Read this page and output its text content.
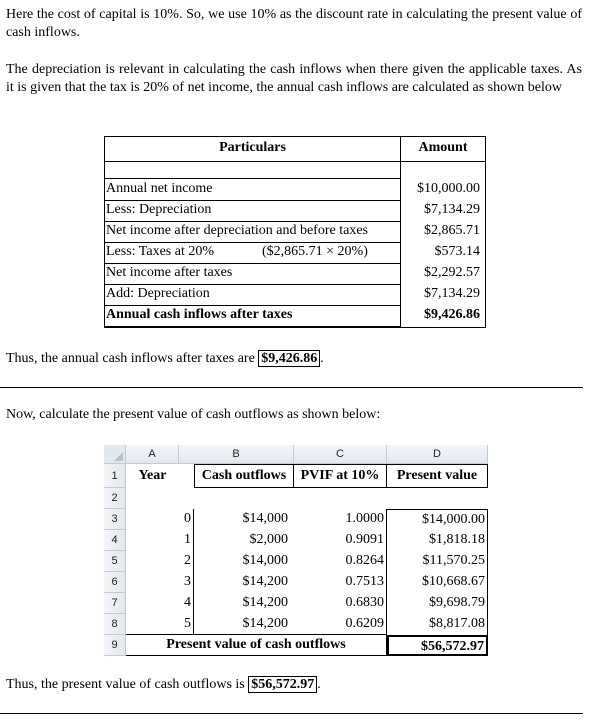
Here the cost of capital is 10%. So, we use 10% as the discount rate in calculating the present value of cash inflows.
The depreciation is relevant in calculating the cash inflows when there given the applicable taxes. As it is given that the tax is 20% of net income, the annual cash inflows are calculated as shown below
Particulars	Amount
Annual net income	$10,000.00
Less: Depreciation	$7,134.29
Net income after depreciation and before taxes	$2,865.71
Less: Taxes at 20%	($2,865.71 × 20%)	$573.14
Net income after taxes	$2,292.57
Add: Depreciation	$7,134.29
Annual cash inflows after taxes	$9,426.86
Thus, the annual cash inflows after taxes are $9,426.86 .
Now, calculate the present value of cash outflows as shown below:
A	B	C	D
1
2
3
4
5
6
7
8
9
Year	Cash outflows	PVIF at 10%	Present value
0	$14,000	1.0000	$14,000.00
1	$2,000	0.9091	$1,818.18
2	$14,000	0.8264	$11,570.25
3	$14,200	0.7513	$10,668.67
4	$14,200	0.6830	$9,698.79
5	$14,200	0.6209	$8,817.08
Present value of cash outflows	$56,572.97
Thus, the present value of cash outflows is $56,572.97 .
